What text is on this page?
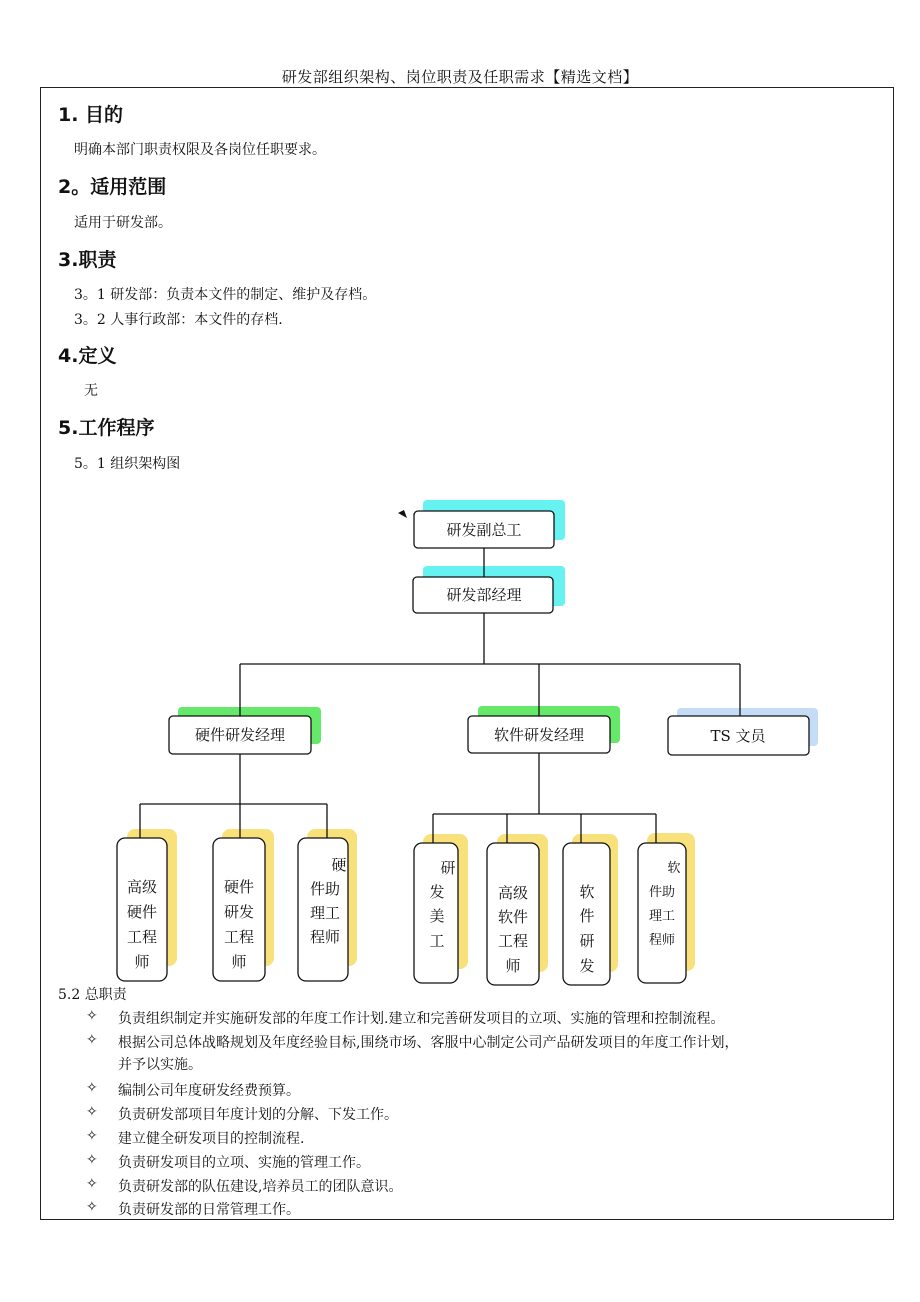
研发部组织架构、岗位职责及任职需求【精选文档】
1. 目的
明确本部门职责权限及各岗位任职要求。
2。适用范围
适用于研发部。
3.职责
3。1 研发部：负责本文件的制定、维护及存档。
3。2 人事行政部：本文件的存档.
4.定义
无
5.工作程序
5。1 组织架构图
研发副总工
研发部经理
硬件研发经理	软件研发经理	TS 文员
高级
硬件
工程
师
硬件
研发
工程
师
硬
件助
理工
程师
研
发
美
工
高级
软件
工程
师
软
件
研
发
软
件助
理工
程师
5.2 总职责
✧ 负责组织制定并实施研发部的年度工作计划.建立和完善研发项目的立项、实施的管理和控制流程。
✧ 根据公司总体战略规划及年度经验目标,围绕市场、客服中心制定公司产品研发项目的年度工作计划，
并予以实施。
✧ 编制公司年度研发经费预算。
✧ 负责研发部项目年度计划的分解、下发工作。
✧ 建立健全研发项目的控制流程.
✧ 负责研发项目的立项、实施的管理工作。
✧ 负责研发部的队伍建设,培养员工的团队意识。
✧ 负责研发部的日常管理工作。
